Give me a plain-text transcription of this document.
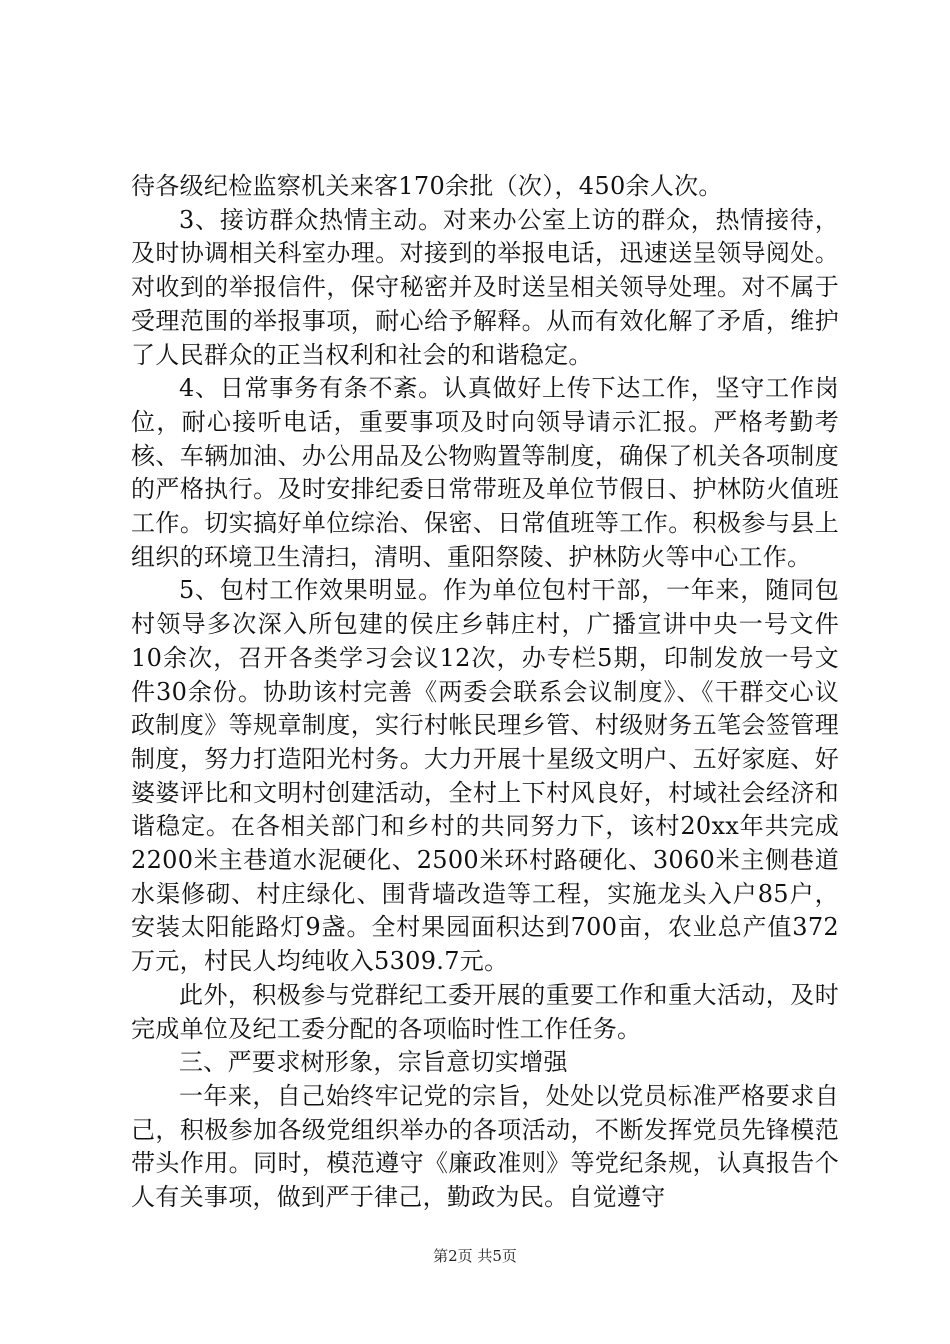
待各级纪检监察机关来客170余批（次），450余人次。

3、接访群众热情主动。对来办公室上访的群众，热情接待，及时协调相关科室办理。对接到的举报电话，迅速送呈领导阅处。对收到的举报信件，保守秘密并及时送呈相关领导处理。对不属于受理范围的举报事项，耐心给予解释。从而有效化解了矛盾，维护了人民群众的正当权利和社会的和谐稳定。

4、日常事务有条不紊。认真做好上传下达工作，坚守工作岗位，耐心接听电话，重要事项及时向领导请示汇报。严格考勤考核、车辆加油、办公用品及公物购置等制度，确保了机关各项制度的严格执行。及时安排纪委日常带班及单位节假日、护林防火值班工作。切实搞好单位综治、保密、日常值班等工作。积极参与县上组织的环境卫生清扫，清明、重阳祭陵、护林防火等中心工作。

5、包村工作效果明显。作为单位包村干部，一年来，随同包村领导多次深入所包建的侯庄乡韩庄村，广播宣讲中央一号文件10余次，召开各类学习会议12次，办专栏5期，印制发放一号文件30余份。协助该村完善《两委会联系会议制度》、《干群交心议政制度》等规章制度，实行村帐民理乡管、村级财务五笔会签管理制度，努力打造阳光村务。大力开展十星级文明户、五好家庭、好婆婆评比和文明村创建活动，全村上下村风良好，村域社会经济和谐稳定。在各相关部门和乡村的共同努力下，该村20xx年共完成2200米主巷道水泥硬化、2500米环村路硬化、3060米主侧巷道水渠修砌、村庄绿化、围背墙改造等工程，实施龙头入户85户，安装太阳能路灯9盏。全村果园面积达到700亩，农业总产值372万元，村民人均纯收入5309.7元。

此外，积极参与党群纪工委开展的重要工作和重大活动，及时完成单位及纪工委分配的各项临时性工作任务。

三、严要求树形象，宗旨意切实增强

一年来，自己始终牢记党的宗旨，处处以党员标准严格要求自己，积极参加各级党组织举办的各项活动，不断发挥党员先锋模范带头作用。同时，模范遵守《廉政准则》等党纪条规，认真报告个人有关事项，做到严于律己，勤政为民。自觉遵守

第2页 共5页
